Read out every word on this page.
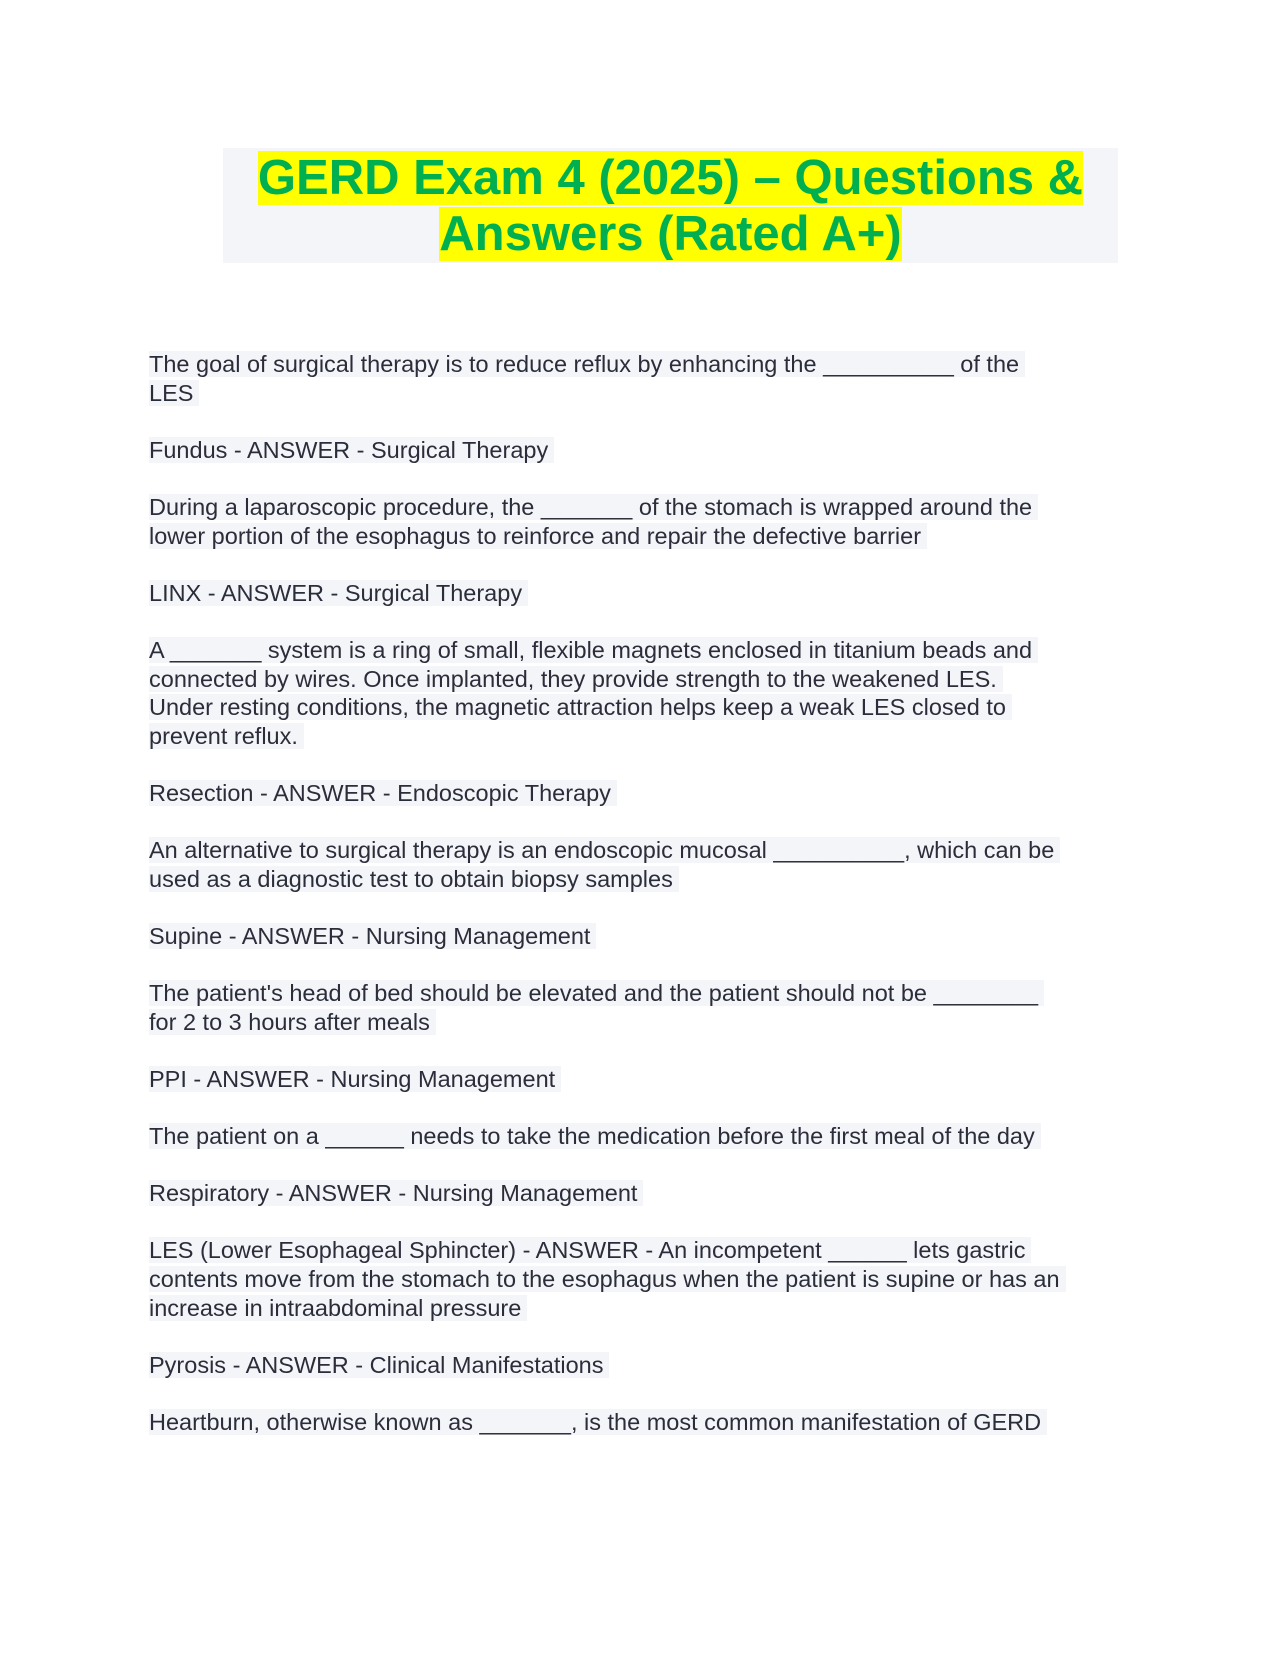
GERD Exam 4 (2025) – Questions &
Answers (Rated A+)

The goal of surgical therapy is to reduce reflux by enhancing the __________ of the
LES

Fundus - ANSWER - Surgical Therapy

During a laparoscopic procedure, the _______ of the stomach is wrapped around the
lower portion of the esophagus to reinforce and repair the defective barrier

LINX - ANSWER - Surgical Therapy

A _______ system is a ring of small, flexible magnets enclosed in titanium beads and
connected by wires. Once implanted, they provide strength to the weakened LES.
Under resting conditions, the magnetic attraction helps keep a weak LES closed to
prevent reflux.

Resection - ANSWER - Endoscopic Therapy

An alternative to surgical therapy is an endoscopic mucosal __________, which can be
used as a diagnostic test to obtain biopsy samples

Supine - ANSWER - Nursing Management

The patient's head of bed should be elevated and the patient should not be ________
for 2 to 3 hours after meals

PPI - ANSWER - Nursing Management

The patient on a ______ needs to take the medication before the first meal of the day

Respiratory - ANSWER - Nursing Management

LES (Lower Esophageal Sphincter) - ANSWER - An incompetent ______ lets gastric
contents move from the stomach to the esophagus when the patient is supine or has an
increase in intraabdominal pressure

Pyrosis - ANSWER - Clinical Manifestations

Heartburn, otherwise known as _______, is the most common manifestation of GERD
